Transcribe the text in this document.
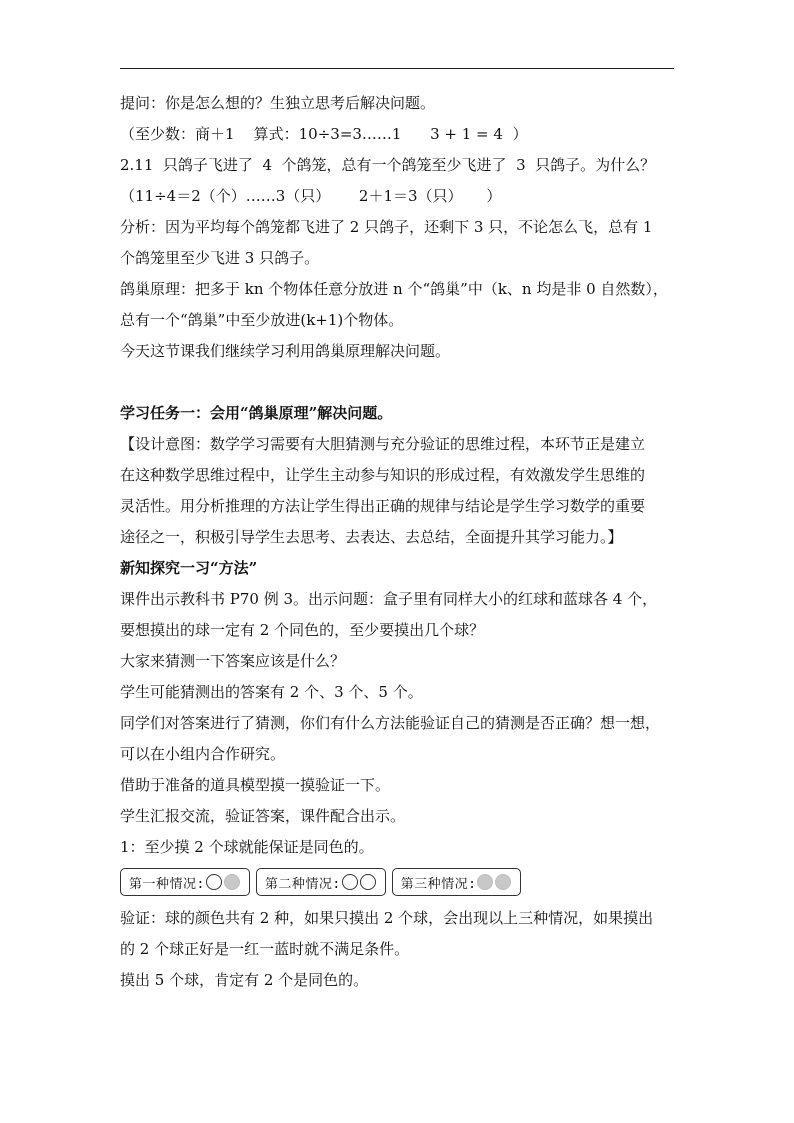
提问：你是怎么想的？生独立思考后解决问题。
（至少数：商＋1    算式：10÷3=3……1      3 + 1 = 4  ）
2.11  只鸽子飞进了  4  个鸽笼，总有一个鸽笼至少飞进了  3  只鸽子。为什么？
（11÷4＝2（个）……3（只）      2＋1＝3（只）     ）
分析：因为平均每个鸽笼都飞进了 2 只鸽子，还剩下 3 只，不论怎么飞，总有 1
个鸽笼里至少飞进 3 只鸽子。
鸽巢原理：把多于 kn 个物体任意分放进 n 个“鸽巢”中（k、n 均是非 0 自然数），
总有一个“鸽巢”中至少放进(k+1)个物体。
今天这节课我们继续学习利用鸽巢原理解决问题。
学习任务一：会用“鸽巢原理”解决问题。
【设计意图：数学学习需要有大胆猜测与充分验证的思维过程，本环节正是建立
在这种数学思维过程中，让学生主动参与知识的形成过程，有效激发学生思维的
灵活性。用分析推理的方法让学生得出正确的规律与结论是学生学习数学的重要
途径之一，积极引导学生去思考、去表达、去总结，全面提升其学习能力。】
新知探究一习“方法”
课件出示教科书 P70 例 3。出示问题：盒子里有同样大小的红球和蓝球各 4 个，
要想摸出的球一定有 2 个同色的，至少要摸出几个球？
大家来猜测一下答案应该是什么？
学生可能猜测出的答案有 2 个、3 个、5 个。
同学们对答案进行了猜测，你们有什么方法能验证自己的猜测是否正确？想一想，
可以在小组内合作研究。
借助于准备的道具模型摸一摸验证一下。
学生汇报交流，验证答案，课件配合出示。
1：至少摸 2 个球就能保证是同色的。
第一种情况:	第二种情况:	第三种情况:
验证：球的颜色共有 2 种，如果只摸出 2 个球，会出现以上三种情况，如果摸出
的 2 个球正好是一红一蓝时就不满足条件。
摸出 5 个球，肯定有 2 个是同色的。
